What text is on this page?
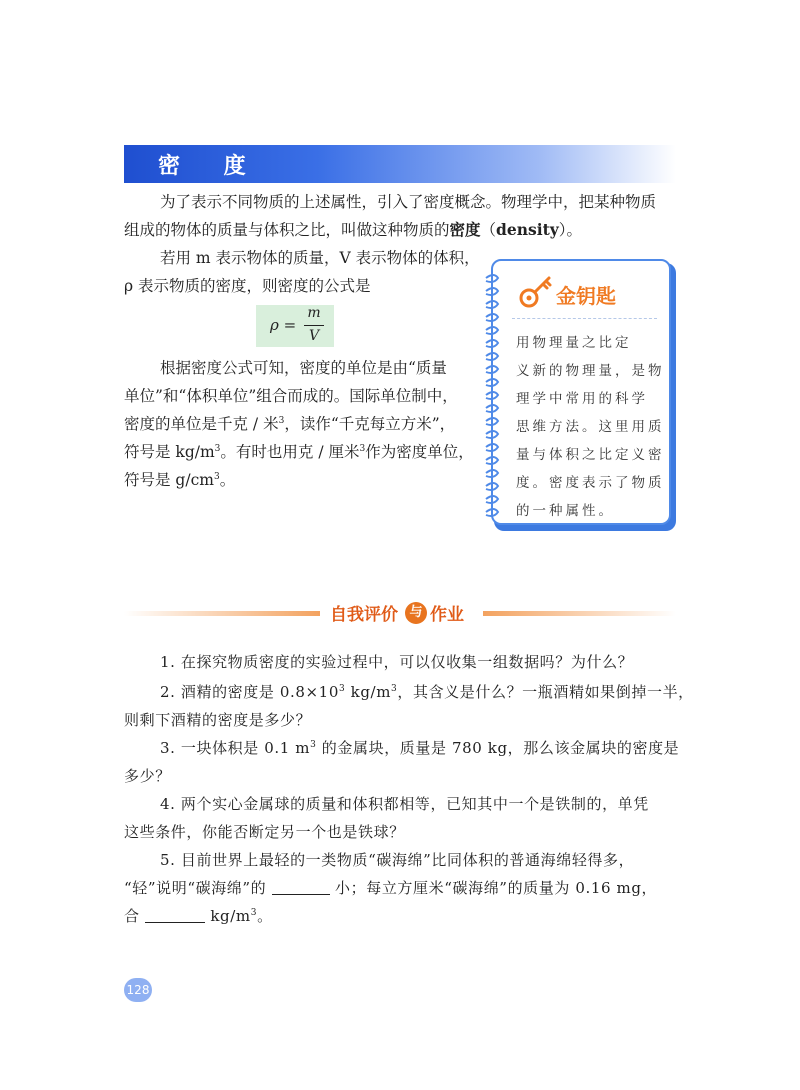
密 度
为了表示不同物质的上述属性，引入了密度概念。物理学中，把某种物质
组成的物体的质量与体积之比，叫做这种物质的密度（density）。
若用 m 表示物体的质量，V 表示物体的体积，
ρ 表示物质的密度，则密度的公式是
ρ =
m
V
根据密度公式可知，密度的单位是由“质量
单位”和“体积单位”组合而成的。国际单位制中，
密度的单位是千克 / 米$^3$，读作“千克每立方米”，
符号是 $kg/m^3$。有时也用克 / 厘米$^3$作为密度单位，
符号是 $g/cm^3$。
金钥匙
用物理量之比定
义新的物理量，是物
理学中常用的科学
思维方法。这里用质
量与体积之比定义密
度。密度表示了物质
的一种属性。
自我评价 与 作业
1. 在探究物质密度的实验过程中，可以仅收集一组数据吗？为什么？
2. 酒精的密度是 $0.8\times 10^3$ $kg/m^3$，其含义是什么？一瓶酒精如果倒掉一半，
则剩下酒精的密度是多少？
3. 一块体积是 0.1 $m^3$ 的金属块，质量是 780 kg，那么该金属块的密度是
多少？
4. 两个实心金属球的质量和体积都相等，已知其中一个是铁制的，单凭
这些条件，你能否断定另一个也是铁球？
5. 目前世界上最轻的一类物质“碳海绵”比同体积的普通海绵轻得多，
“轻”说明“碳海绵”的	小；每立方厘米“碳海绵”的质量为 0.16 mg，
合	$kg/m^3$。
128
